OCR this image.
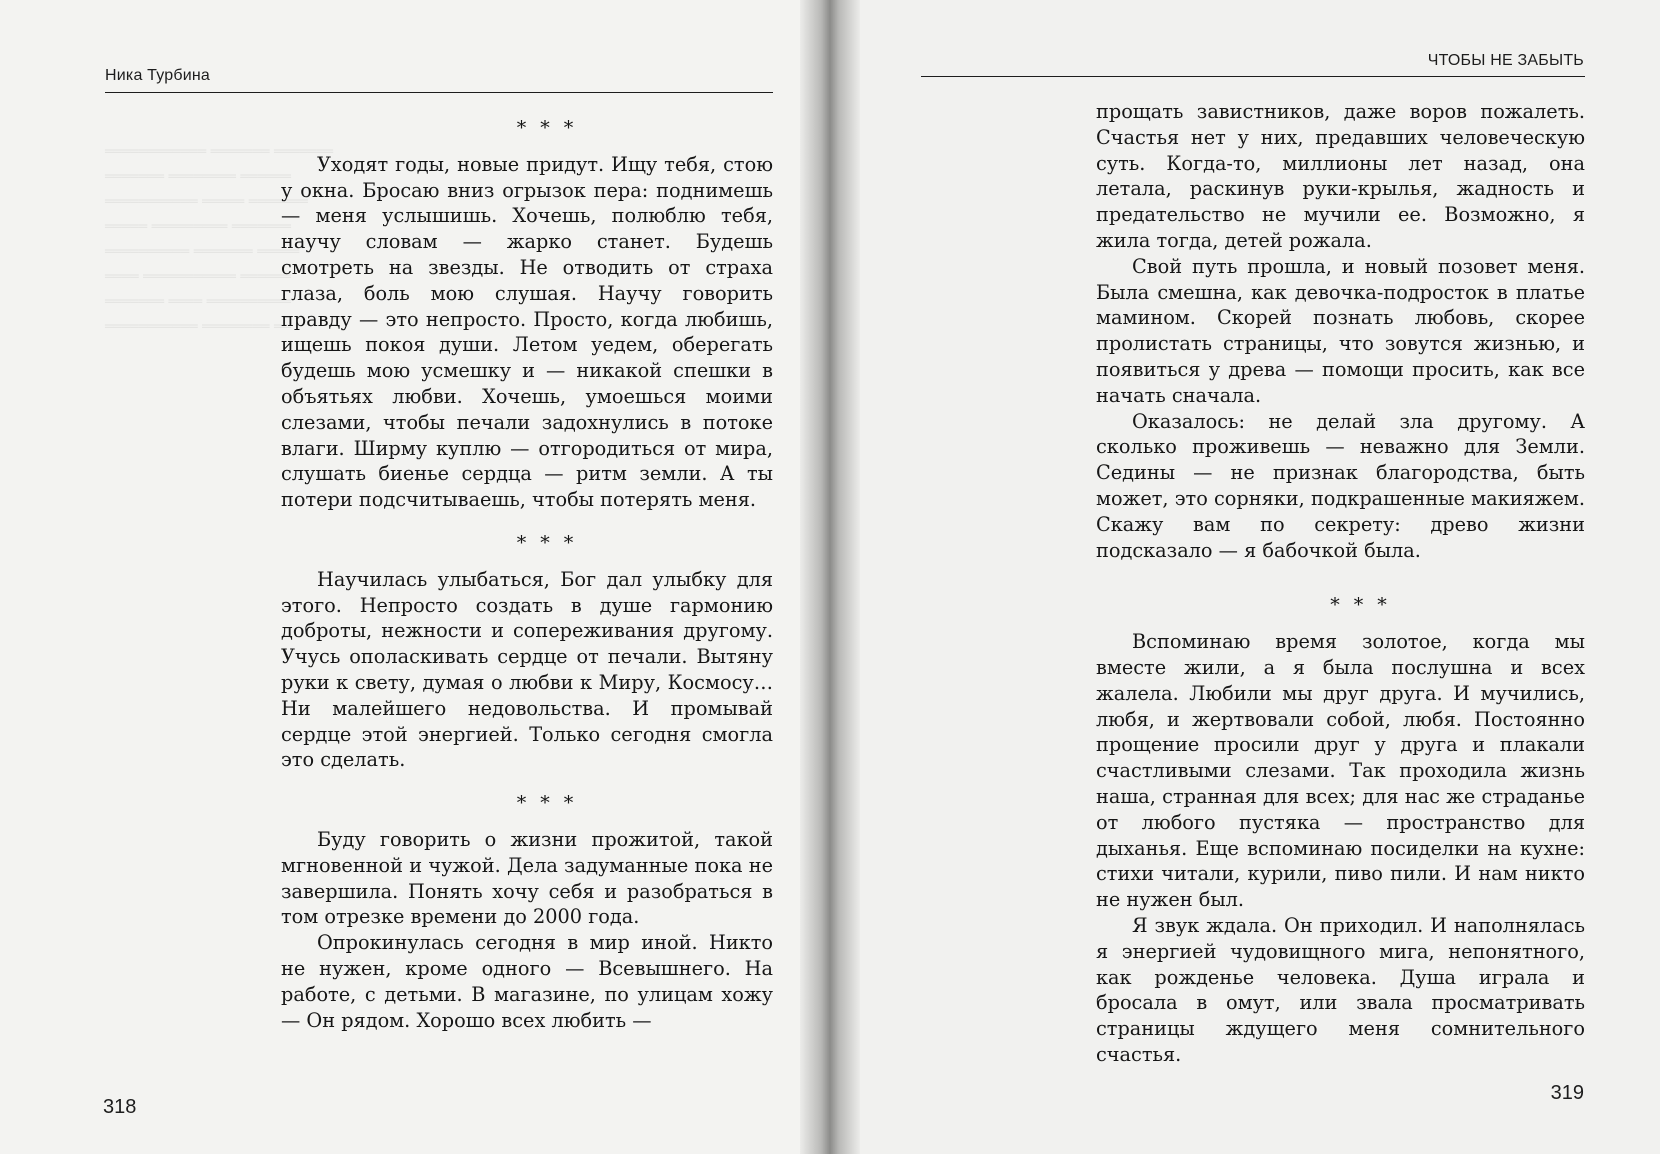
════════════ ═══════ ═══════
═══════ ════════ ══════
═══════════ ═════ ═══════
═════ ═════════ ═══════
══════════ ═══════ ═════
════ ═══════════ ══════
═══════ ════ ══════════
═══════════ ════════ ══
Ника Турбина
* * *

Уходят годы, новые придут. Ищу тебя, стою у окна. Бросаю вниз огрызок пера: поднимешь — меня услышишь. Хочешь, полюблю тебя, научу словам — жарко станет. Будешь смотреть на звезды. Не отводить от страха глаза, боль мою слушая. Научу говорить правду — это непросто. Просто, когда любишь, ищешь покоя души. Летом уедем, оберегать будешь мою усмешку и — никакой спешки в объятьях любви. Хочешь, умоешься моими слезами, чтобы печали задохнулись в потоке влаги. Ширму куплю — отгородиться от мира, слушать биенье сердца — ритм земли. А ты потери подсчитываешь, чтобы потерять меня.

* * *

Научилась улыбаться, Бог дал улыбку для этого. Непросто создать в душе гармонию доброты, нежности и сопереживания другому. Учусь ополаскивать сердце от печали. Вытяну руки к свету, думая о любви к Миру, Космосу… Ни малейшего недовольства. И промывай сердце этой энергией. Только сегодня смогла это сделать.

* * *

Буду говорить о жизни прожитой, такой мгновенной и чужой. Дела задуманные пока не завершила. Понять хочу себя и разобраться в том отрезке времени до 2000 года.

Опрокинулась сегодня в мир иной. Никто не нужен, кроме одного — Всевышнего. На работе, с детьми. В магазине, по улицам хожу — Он рядом. Хорошо всех любить —

318
ЧТОБЫ НЕ ЗАБЫТЬ

прощать завистников, даже воров пожалеть. Счастья нет у них, предавших человеческую суть. Когда-то, миллионы лет назад, она летала, раскинув руки-крылья, жадность и предательство не мучили ее. Возможно, я жила тогда, детей рожала.

Свой путь прошла, и новый позовет меня. Была смешна, как девочка-подросток в платье мамином. Скорей познать любовь, скорее пролистать страницы, что зовутся жизнью, и появиться у древа — помощи просить, как все начать сначала.

Оказалось: не делай зла другому. А сколько проживешь — неважно для Земли. Седины — не признак благородства, быть может, это сорняки, подкрашенные макияжем. Скажу вам по секрету: древо жизни подсказало — я бабочкой была.

* * *

Вспоминаю время золотое, когда мы вместе жили, а я была послушна и всех жалела. Любили мы друг друга. И мучились, любя, и жертвовали собой, любя. Постоянно прощение просили друг у друга и плакали счастливыми слезами. Так проходила жизнь наша, странная для всех; для нас же страданье от любого пустяка — пространство для дыханья. Еще вспоминаю посиделки на кухне: стихи читали, курили, пиво пили. И нам никто не нужен был.

Я звук ждала. Он приходил. И наполнялась я энергией чудовищного мига, непонятного, как рожденье человека. Душа играла и бросала в омут, или звала просматривать страницы ждущего меня сомнительного счастья.

319
